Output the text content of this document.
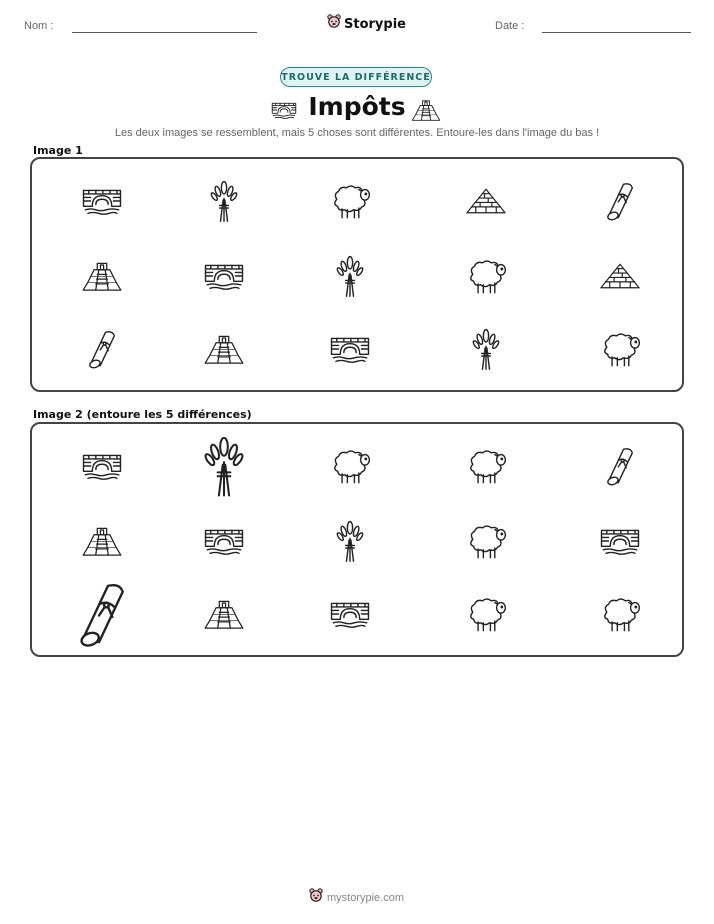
Nom :	Storypie	Date :
TROUVE LA DIFFÉRENCE
Impôts
Les deux images se ressemblent, mais 5 choses sont différentes. Entoure-les dans l'image du bas !
Image 1
Image 2 (entoure les 5 différences)
mystorypie.com
